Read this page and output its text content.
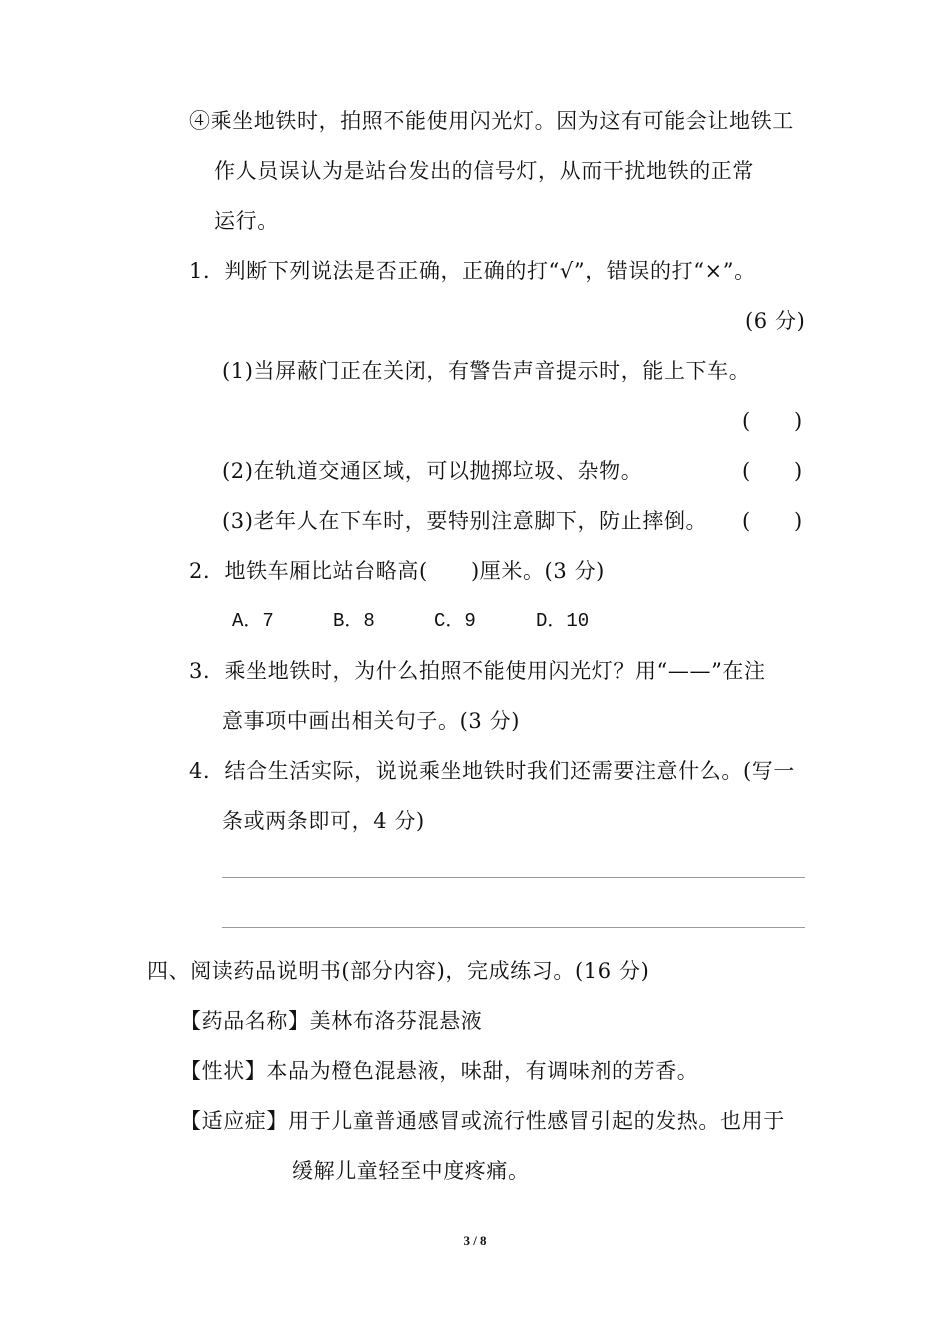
④乘坐地铁时，拍照不能使用闪光灯。因为这有可能会让地铁工
作人员误认为是站台发出的信号灯，从而干扰地铁的正常
运行。
1．判断下列说法是否正确，正确的打“√”，错误的打“×”。
(6 分)
(1)当屏蔽门正在关闭，有警告声音提示时，能上下车。
(　　)
(2)在轨道交通区域，可以抛掷垃圾、杂物。	(　　)
(3)老年人在下车时，要特别注意脚下，防止摔倒。 (　　)
2．地铁车厢比站台略高(　　)厘米。(3 分)
A．7	B．8	C．9	D．10
3．乘坐地铁时，为什么拍照不能使用闪光灯？用“——”在注
意事项中画出相关句子。(3 分)
4．结合生活实际，说说乘坐地铁时我们还需要注意什么。(写一
条或两条即可，4 分)
四、阅读药品说明书(部分内容)，完成练习。(16 分)
【药品名称】美林布洛芬混悬液
【性状】本品为橙色混悬液，味甜，有调味剂的芳香。
【适应症】用于儿童普通感冒或流行性感冒引起的发热。也用于
缓解儿童轻至中度疼痛。
3 / 8
